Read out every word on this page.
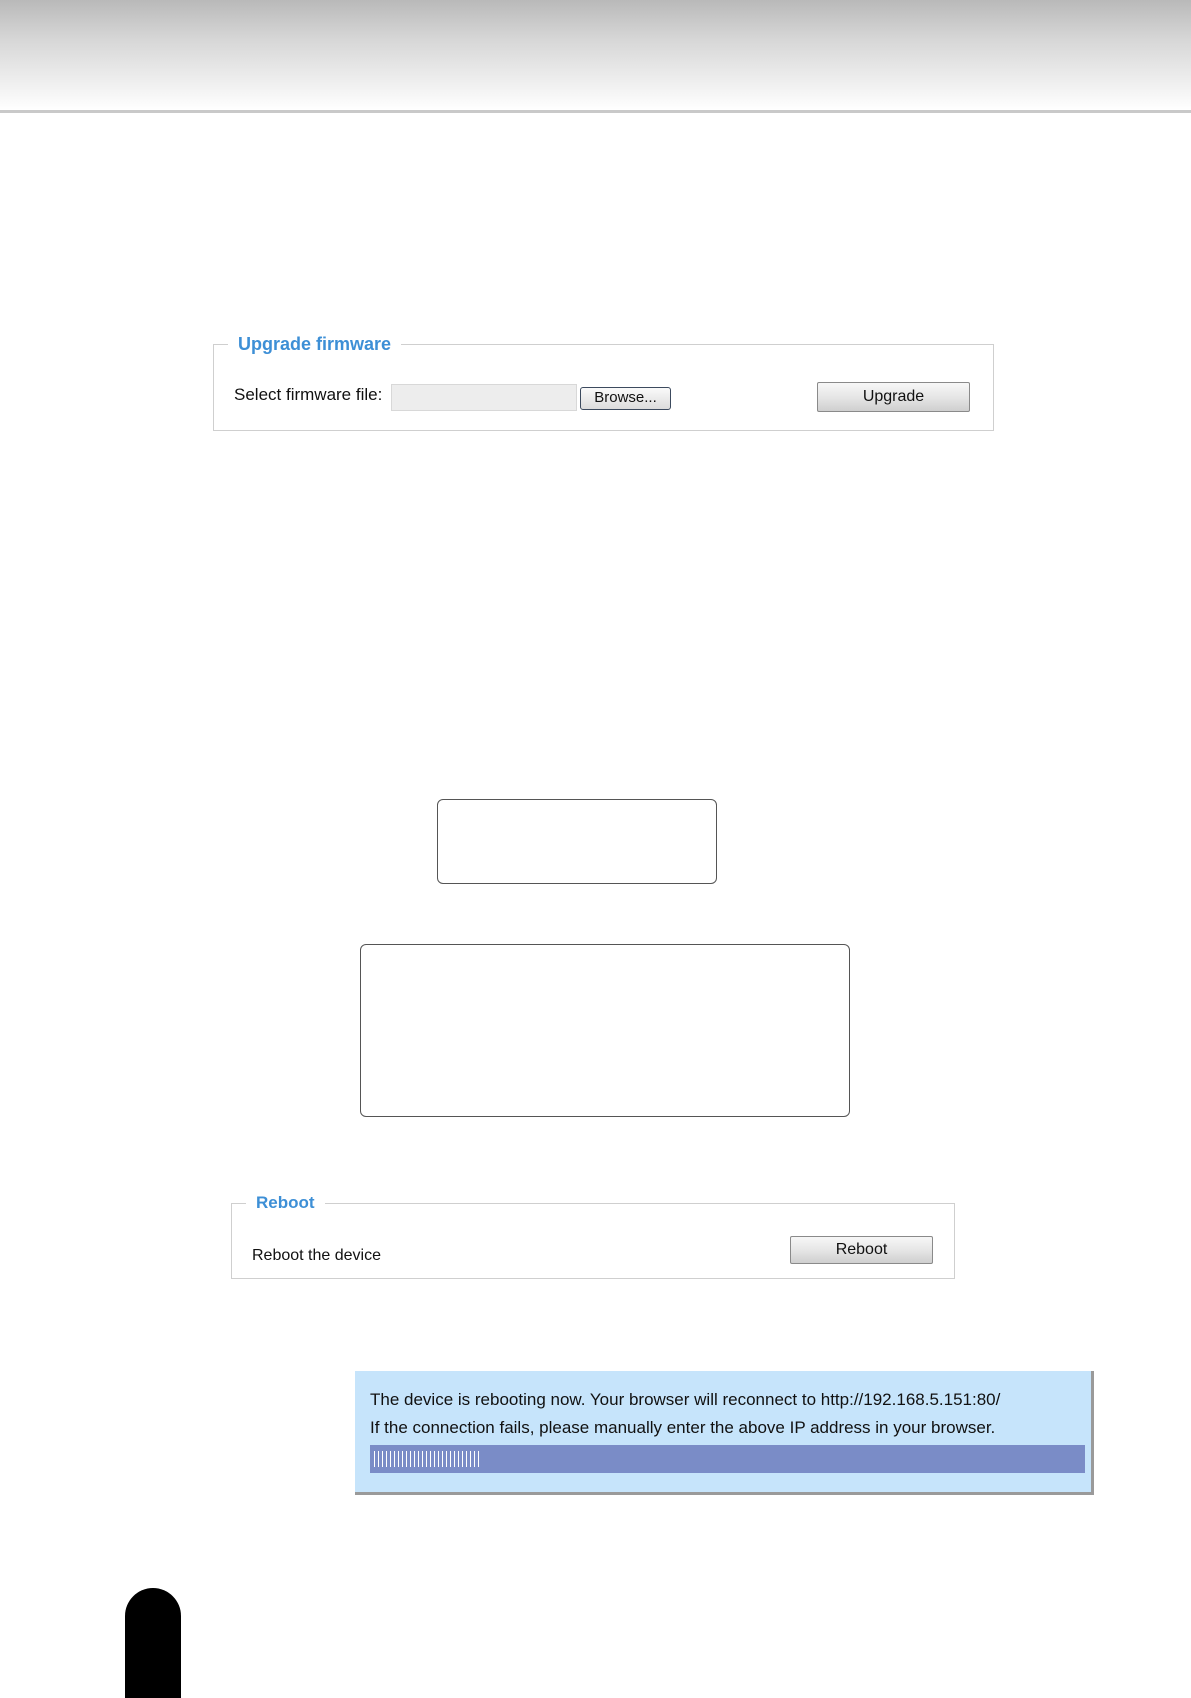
Upgrade firmware
Select firmware file:	Browse...	Upgrade
Reboot
Reboot the device	Reboot
The device is rebooting now. Your browser will reconnect to http://192.168.5.151:80/
If the connection fails, please manually enter the above IP address in your browser.
